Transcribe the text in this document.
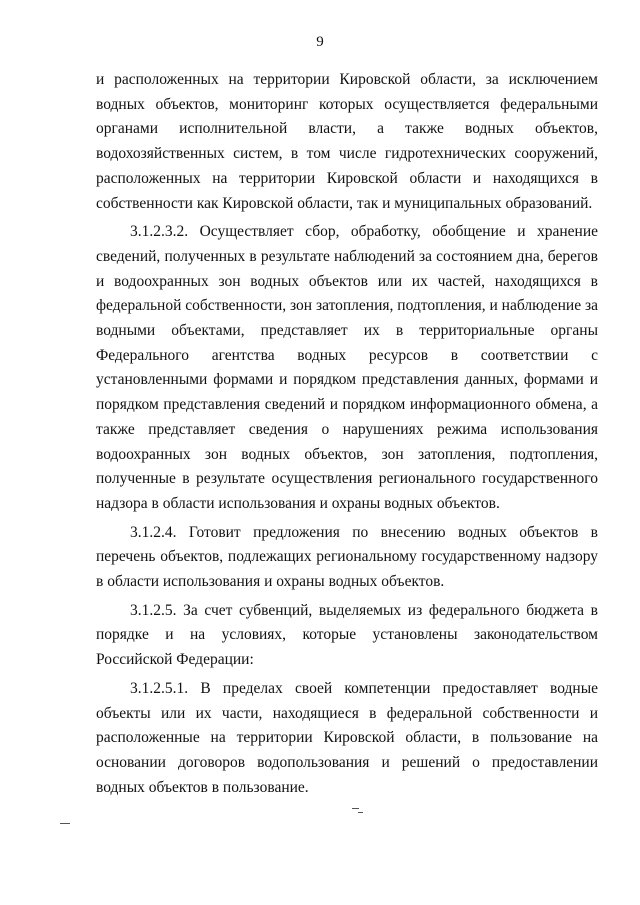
9

и расположенных на территории Кировской области, за исключением водных объектов, мониторинг которых осуществляется федеральными органами исполнительной власти, а также водных объектов, водохозяйственных систем, в том числе гидротехнических сооружений, расположенных на территории Кировской области и находящихся в собственности как Кировской области, так и муниципальных образований.

3.1.2.3.2. Осуществляет сбор, обработку, обобщение и хранение сведений, полученных в результате наблюдений за состоянием дна, берегов и водоохранных зон водных объектов или их частей, находящихся в федеральной собственности, зон затопления, подтопления, и наблюдение за водными объектами, представляет их в территориальные органы Федерального агентства водных ресурсов в соответствии с установленными формами и порядком представления данных, формами и порядком представления сведений и порядком информационного обмена, а также представляет сведения о нарушениях режима использования водоохранных зон водных объектов, зон затопления, подтопления, полученные в результате осуществления регионального государственного надзора в области использования и охраны водных объектов.

3.1.2.4. Готовит предложения по внесению водных объектов в перечень объектов, подлежащих региональному государственному надзору в области использования и охраны водных объектов.

3.1.2.5. За счет субвенций, выделяемых из федерального бюджета в порядке и на условиях, которые установлены законодательством Российской Федерации:

3.1.2.5.1. В пределах своей компетенции предоставляет водные объекты или их части, находящиеся в федеральной собственности и расположенные на территории Кировской области, в пользование на основании договоров водопользования и решений о предоставлении водных объектов в пользование.
